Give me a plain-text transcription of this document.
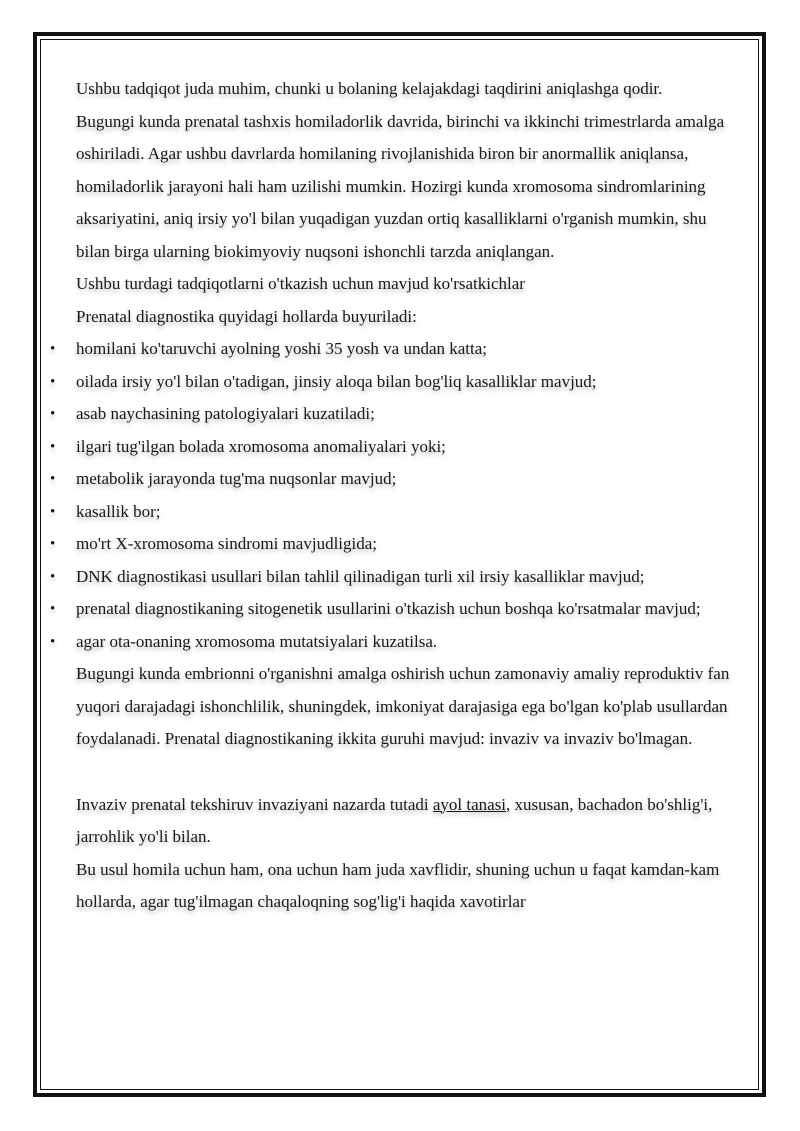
Ushbu tadqiqot juda muhim, chunki u bolaning kelajakdagi taqdirini aniqlashga qodir.

Bugungi kunda prenatal tashxis homiladorlik davrida, birinchi va ikkinchi trimestrlarda amalga oshiriladi. Agar ushbu davrlarda homilaning rivojlanishida biron bir anormallik aniqlansa, homiladorlik jarayoni hali ham uzilishi mumkin. Hozirgi kunda xromosoma sindromlarining aksariyatini, aniq irsiy yo'l bilan yuqadigan yuzdan ortiq kasalliklarni o'rganish mumkin, shu bilan birga ularning biokimyoviy nuqsoni ishonchli tarzda aniqlangan.

Ushbu turdagi tadqiqotlarni o'tkazish uchun mavjud ko'rsatkichlar

Prenatal diagnostika quyidagi hollarda buyuriladi:

• homilani ko'taruvchi ayolning yoshi 35 yosh va undan katta;
• oilada irsiy yo'l bilan o'tadigan, jinsiy aloqa bilan bog'liq kasalliklar mavjud;
• asab naychasining patologiyalari kuzatiladi;
• ilgari tug'ilgan bolada xromosoma anomaliyalari yoki;
• metabolik jarayonda tug'ma nuqsonlar mavjud;
• kasallik bor;
• mo'rt X-xromosoma sindromi mavjudligida;
• DNK diagnostikasi usullari bilan tahlil qilinadigan turli xil irsiy kasalliklar mavjud;
• prenatal diagnostikaning sitogenetik usullarini o'tkazish uchun boshqa ko'rsatmalar mavjud;
• agar ota-onaning xromosoma mutatsiyalari kuzatilsa.

Bugungi kunda embrionni o'rganishni amalga oshirish uchun zamonaviy amaliy reproduktiv fan yuqori darajadagi ishonchlilik, shuningdek, imkoniyat darajasiga ega bo'lgan ko'plab usullardan foydalanadi. Prenatal diagnostikaning ikkita guruhi mavjud: invaziv va invaziv bo'lmagan.

Invaziv prenatal tekshiruv invaziyani nazarda tutadi ayol tanasi, xususan, bachadon bo'shlig'i, jarrohlik yo'li bilan.

Bu usul homila uchun ham, ona uchun ham juda xavflidir, shuning uchun u faqat kamdan-kam hollarda, agar tug'ilmagan chaqaloqning sog'lig'i haqida xavotirlar
